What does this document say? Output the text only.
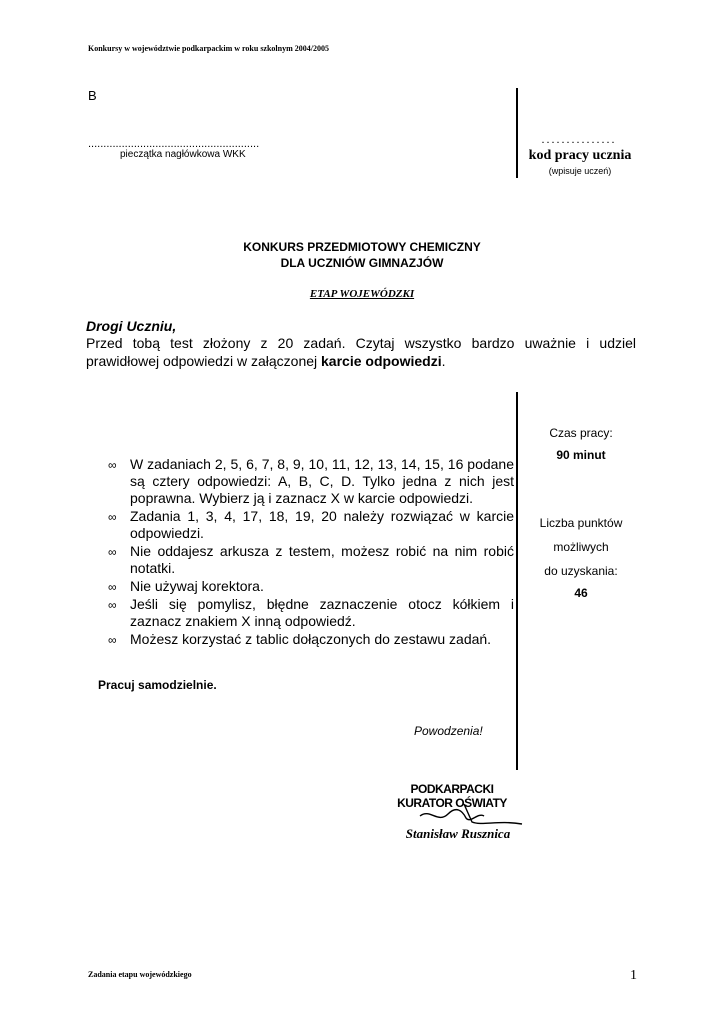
Konkursy w województwie podkarpackim w roku szkolnym 2004/2005
B
........................................................
pieczątka nagłówkowa WKK
...............
kod pracy ucznia
(wpisuje uczeń)
KONKURS PRZEDMIOTOWY CHEMICZNY
DLA UCZNIÓW GIMNAZJÓW
ETAP WOJEWÓDZKI
Drogi Uczniu,
Przed tobą test złożony z 20 zadań. Czytaj wszystko bardzo uważnie i udziel prawidłowej odpowiedzi w załączonej karcie odpowiedzi.
∞ W zadaniach 2, 5, 6, 7, 8, 9, 10, 11, 12, 13, 14, 15, 16 podane są cztery odpowiedzi: A, B, C, D. Tylko jedna z nich jest poprawna. Wybierz ją i zaznacz X w karcie odpowiedzi.
∞ Zadania 1, 3, 4, 17, 18, 19, 20 należy rozwiązać w karcie odpowiedzi.
∞ Nie oddajesz arkusza z testem, możesz robić na nim robić notatki.
∞ Nie używaj korektora.
∞ Jeśli się pomylisz, błędne zaznaczenie otocz kółkiem i zaznacz znakiem X inną odpowiedź.
∞ Możesz korzystać z tablic dołączonych do zestawu zadań.
Czas pracy:
90 minut
Liczba punktów
możliwych
do uzyskania:
46
Pracuj samodzielnie.
Powodzenia!
PODKARPACKI
KURATOR OŚWIATY
Stanisław Rusznica
Zadania etapu wojewódzkiego	1
